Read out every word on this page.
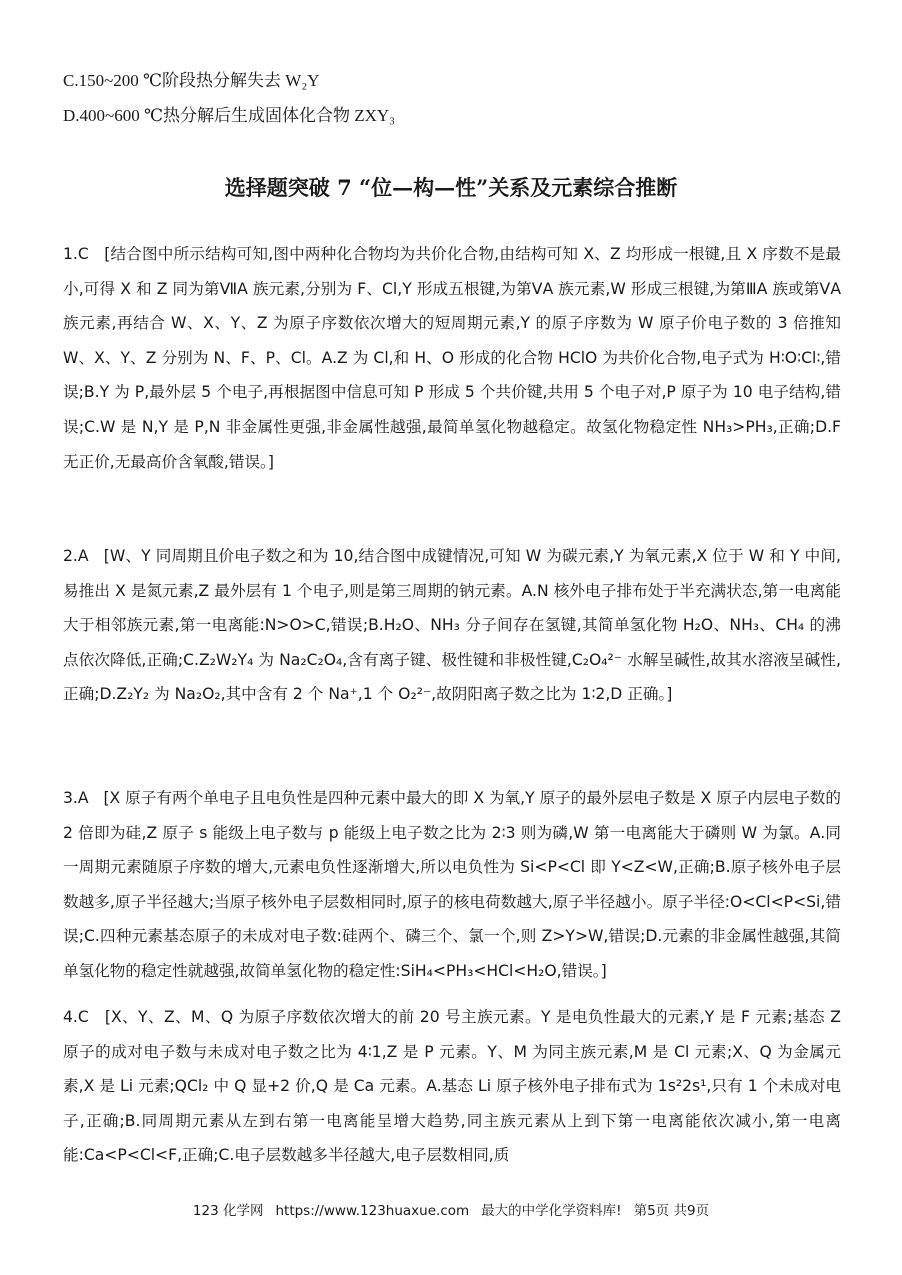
C.150~200 ℃阶段热分解失去 W₂Y
D.400~600 ℃热分解后生成固体化合物 ZXY₃
选择题突破 7 “位—构—性”关系及元素综合推断
1.C [结合图中所示结构可知,图中两种化合物均为共价化合物,由结构可知 X、Z 均形成一根键,且 X 序数不是最小,可得 X 和 Z 同为第ⅦA 族元素,分别为 F、Cl,Y 形成五根键,为第ⅤA 族元素,W 形成三根键,为第ⅢA 族或第ⅤA 族元素,再结合 W、X、Y、Z 为原子序数依次增大的短周期元素,Y 的原子序数为 W 原子价电子数的 3 倍推知 W、X、Y、Z 分别为 N、F、P、Cl。A.Z 为 Cl,和 H、O 形成的化合物 HClO 为共价化合物,电子式为 H∶O∶Cl∶,错误;B.Y 为 P,最外层 5 个电子,再根据图中信息可知 P 形成 5 个共价键,共用 5 个电子对,P 原子为 10 电子结构,错误;C.W 是 N,Y 是 P,N 非金属性更强,非金属性越强,最简单氢化物越稳定。故氢化物稳定性 NH₃>PH₃,正确;D.F 无正价,无最高价含氧酸,错误。]
2.A [W、Y 同周期且价电子数之和为 10,结合图中成键情况,可知 W 为碳元素,Y 为氧元素,X 位于 W 和 Y 中间,易推出 X 是氮元素,Z 最外层有 1 个电子,则是第三周期的钠元素。A.N 核外电子排布处于半充满状态,第一电离能大于相邻族元素,第一电离能:N>O>C,错误;B.H₂O、NH₃ 分子间存在氢键,其简单氢化物 H₂O、NH₃、CH₄ 的沸点依次降低,正确;C.Z₂W₂Y₄ 为 Na₂C₂O₄,含有离子键、极性键和非极性键,C₂O₄²⁻ 水解呈碱性,故其水溶液呈碱性,正确;D.Z₂Y₂ 为 Na₂O₂,其中含有 2 个 Na⁺,1 个 O₂²⁻,故阴阳离子数之比为 1∶2,D 正确。]
3.A [X 原子有两个单电子且电负性是四种元素中最大的即 X 为氧,Y 原子的最外层电子数是 X 原子内层电子数的 2 倍即为硅,Z 原子 s 能级上电子数与 p 能级上电子数之比为 2∶3 则为磷,W 第一电离能大于磷则 W 为氯。A.同一周期元素随原子序数的增大,元素电负性逐渐增大,所以电负性为 Si<P<Cl 即 Y<Z<W,正确;B.原子核外电子层数越多,原子半径越大;当原子核外电子层数相同时,原子的核电荷数越大,原子半径越小。原子半径:O<Cl<P<Si,错误;C.四种元素基态原子的未成对电子数:硅两个、磷三个、氯一个,则 Z>Y>W,错误;D.元素的非金属性越强,其简单氢化物的稳定性就越强,故简单氢化物的稳定性:SiH₄<PH₃<HCl<H₂O,错误。]
4.C [X、Y、Z、M、Q 为原子序数依次增大的前 20 号主族元素。Y 是电负性最大的元素,Y 是 F 元素;基态 Z 原子的成对电子数与未成对电子数之比为 4∶1,Z 是 P 元素。Y、M 为同主族元素,M 是 Cl 元素;X、Q 为金属元素,X 是 Li 元素;QCl₂ 中 Q 显+2 价,Q 是 Ca 元素。A.基态 Li 原子核外电子排布式为 1s²2s¹,只有 1 个未成对电子,正确;B.同周期元素从左到右第一电离能呈增大趋势,同主族元素从上到下第一电离能依次减小,第一电离能:Ca<P<Cl<F,正确;C.电子层数越多半径越大,电子层数相同,质
123 化学网 https://www.123huaxue.com 最大的中学化学资料库! 第5页 共9页
